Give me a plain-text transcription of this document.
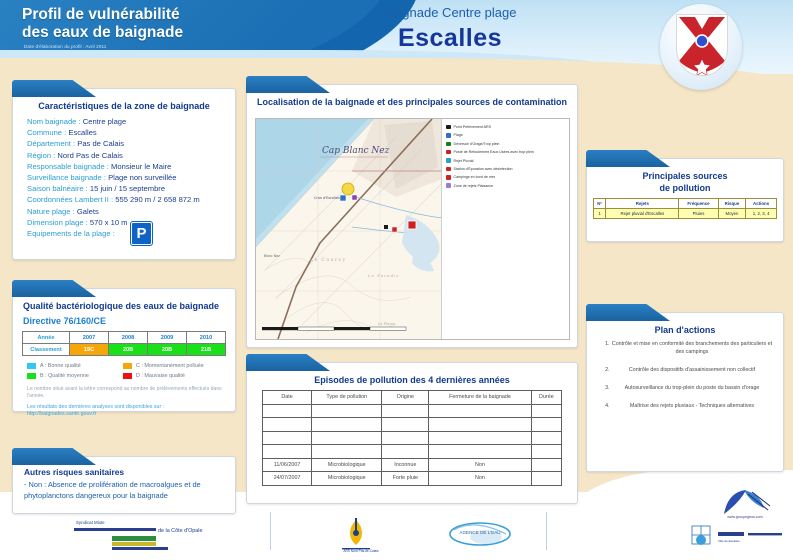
Profil de vulnérabilité
des eaux de baignade
Date d'élaboration du profil : Avril 2011
Prochaine révision du profil : Avril 2014
Baignade Centre plage
Escalles
Caractéristiques de la zone de baignade
Nom baignade : Centre plage
Commune : Escalles
Département : Pas de Calais
Région : Nord Pas de Calais
Responsable baignade : Monsieur le Maire
Surveillance baignade : Plage non surveillée
Saison balnéaire : 15 juin / 15 septembre
Coordonnées Lambert II : 555 290 m / 2 658 872 m
Nature plage : Galets
Dimension plage : 570 x 10 m
Equipements de la plage :	P
Qualité bactériologique des eaux de baignade
Directive 76/160/CE
Année	2007	2008	2009	2010
Classement	19C	20B	20B	21B
A : Bonne qualité	C : Momentanément polluée
B : Qualité moyenne	D : Mauvaise qualité
Le nombre situé avant la lettre correspond au nombre de prélèvements effectués dans l'année.
Les résultats des dernières analyses sont disponibles sur :
http://baignades.sante.gouv.fr
Autres risques sanitaires
- Non : Absence de prolifération de macroalgues et de phytoplanctons dangereux pour la baignade
Localisation de la baignade et des principales sources de contamination
Cap Blanc Nez
Cran d'Escalles
Blanc Nez
Le Cauroy
Le Paradis
La Plaine
Point Prélèvement ARS
Plage
Déversoir d'Orage/Trop plein
Poste de Refoulement Eaux Usées avec trop plein
Rejet Pluvial
Station d'Épuration avec désinfection
Campings en bord de mer
Zone de rejets Plaisance
Episodes de pollution des 4 dernières années
Date	Type de pollution	Origine	Fermeture de la baignade	Durée

11/06/2007	Microbiologique	Inconnue	Non	
24/07/2007	Microbiologique	Forte pluie	Non	
Principales sources
de pollution
N°	Rejets	Fréquence	Risque	Actions
1	Rejet pluvial d'Escalles	Pluies	Moyen	1, 2, 3, 4
Plan d'actions
1. Contrôle et mise en conformité des branchements des particuliers et des campings
2. Contrôle des dispositifs d'assainissement non collectif
3. Autosurveillance du trop-plein du poste du bassin d'orage
4. Maîtrise des rejets pluviaux - Techniques alternatives
Syndicat Mixte
de la Côte d'Opale
ARS Nord Pas-de-Calais
AGENCE DE L'EAU
Ville de Escalles
www.groupegeos.com
